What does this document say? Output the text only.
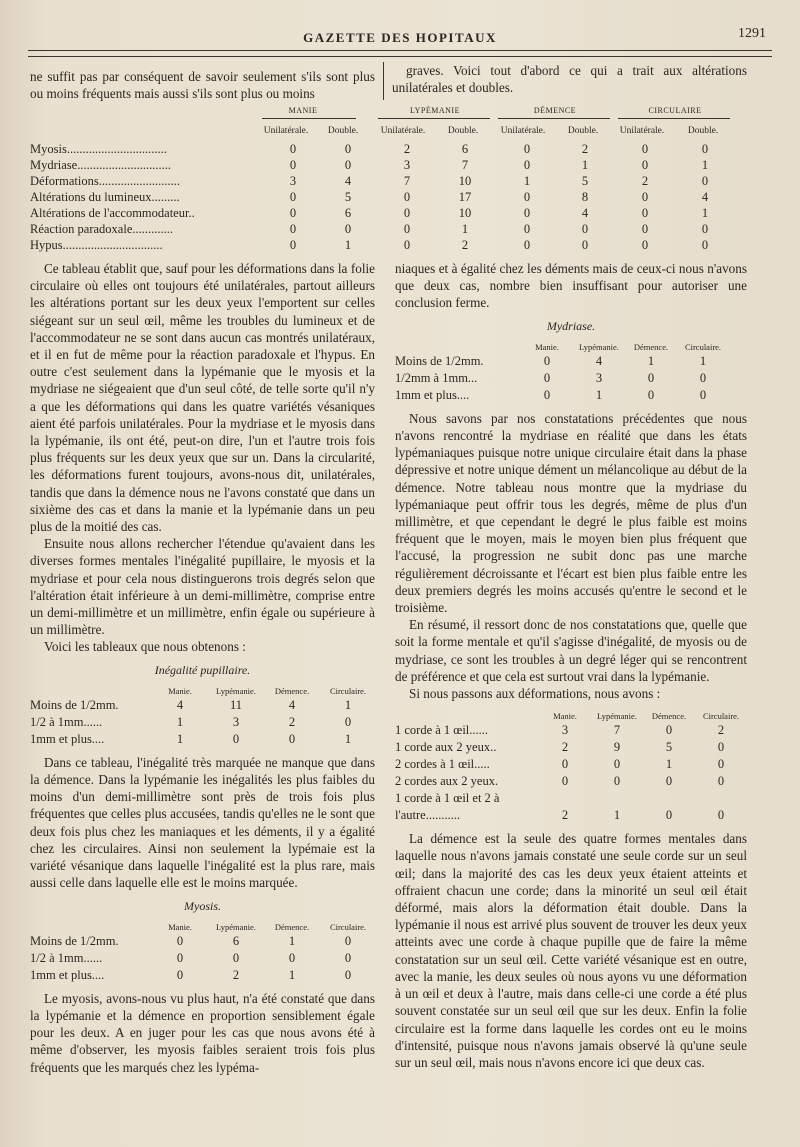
GAZETTE DES HOPITAUX	1291

ne suffit pas par conséquent de savoir seulement s'ils sont plus ou moins fréquents mais aussi s'ils sont plus ou moins

graves. Voici tout d'abord ce qui a trait aux altérations unilatérales et doubles.

MANIE	LYPÉMANIE	DÉMENCE	CIRCULAIRE
Unilatérale.	Double.	Unilatérale.	Double.	Unilatérale.	Double.	Unilatérale.	Double.
Myosis................................	0	0	2	6	0	2	0	0
Mydriase..............................	0	0	3	7	0	1	0	1
Déformations..........................	3	4	7	10	1	5	2	0
Altérations du lumineux.........	0	5	0	17	0	8	0	4
Altérations de l'accommodateur..	0	6	0	10	0	4	0	1
Réaction paradoxale.............	0	0	0	1	0	0	0	0
Hypus................................	0	1	0	2	0	0	0	0

Ce tableau établit que, sauf pour les déformations dans la folie circulaire où elles ont toujours été unilatérales, partout ailleurs les altérations portant sur les deux yeux l'emportent sur celles siégeant sur un seul œil, même les troubles du lumineux et de l'accommodateur ne se sont dans aucun cas montrés unilatéraux, et il en fut de même pour la réaction paradoxale et l'hypus. En outre c'est seulement dans la lypémanie que le myosis et la mydriase ne siégeaient que d'un seul côté, de telle sorte qu'il n'y a que les déformations qui dans les quatre variétés vésaniques aient été parfois unilatérales. Pour la mydriase et le myosis dans la lypémanie, ils ont été, peut-on dire, l'un et l'autre trois fois plus fréquents sur les deux yeux que sur un. Dans la circularité, les déformations furent toujours, avons-nous dit, unilatérales, tandis que dans la démence nous ne l'avons constaté que dans un sixième des cas et dans la manie et la lypémanie dans un peu plus de la moitié des cas.

Ensuite nous allons rechercher l'étendue qu'avaient dans les diverses formes mentales l'inégalité pupillaire, le myosis et la mydriase et pour cela nous distinguerons trois degrés selon que l'altération était inférieure à un demi-millimètre, comprise entre un demi-millimètre et un millimètre, enfin égale ou supérieure à un millimètre.

Voici les tableaux que nous obtenons :

Inégalité pupillaire.
Manie.	Lypémanie.	Démence.	Circulaire.
Moins de 1/2mm.	4	11	4	1
1/2 à 1mm......	1	3	2	0
1mm et plus....	1	0	0	1

Dans ce tableau, l'inégalité très marquée ne manque que dans la démence. Dans la lypémanie les inégalités les plus faibles du moins d'un demi-millimètre sont près de trois fois plus fréquentes que celles plus accusées, tandis qu'elles ne le sont que deux fois plus chez les maniaques et les déments, il y a égalité chez les circulaires. Ainsi non seulement la lypémaie est la variété vésanique dans laquelle l'inégalité est la plus rare, mais aussi celle dans laquelle elle est le moins marquée.

Myosis.
Manie.	Lypémanie.	Démence.	Circulaire.
Moins de 1/2mm.	0	6	1	0
1/2 à 1mm......	0	0	0	0
1mm et plus....	0	2	1	0

Le myosis, avons-nous vu plus haut, n'a été constaté que dans la lypémanie et la démence en proportion sensiblement égale pour les deux. A en juger pour les cas que nous avons été à même d'observer, les myosis faibles seraient trois fois plus fréquents que les marqués chez les lypéma-

niaques et à égalité chez les déments mais de ceux-ci nous n'avons que deux cas, nombre bien insuffisant pour autoriser une conclusion ferme.

Mydriase.
Manie.	Lypémanie.	Démence.	Circulaire.
Moins de 1/2mm.	0	4	1	1
1/2mm à 1mm...	0	3	0	0
1mm et plus....	0	1	0	0

Nous savons par nos constatations précédentes que nous n'avons rencontré la mydriase en réalité que dans les états lypémaniaques puisque notre unique circulaire était dans la phase dépressive et notre unique dément un mélancolique au début de la démence. Notre tableau nous montre que la mydriase du lypémaniaque peut offrir tous les degrés, même de plus d'un millimètre, et que cependant le degré le plus faible est moins fréquent que le moyen, mais le moyen bien plus fréquent que l'accusé, la progression ne subit donc pas une marche régulièrement décroissante et l'écart est bien plus faible entre les deux premiers degrés les moins accusés qu'entre le second et le troisième.

En résumé, il ressort donc de nos constatations que, quelle que soit la forme mentale et qu'il s'agisse d'inégalité, de myosis ou de mydriase, ce sont les troubles à un degré léger qui se rencontrent de préférence et que cela est surtout vrai dans la lypémanie.

Si nous passons aux déformations, nous avons :

Manie.	Lypémanie.	Démence.	Circulaire.
1 corde à 1 œil......	3	7	0	2
1 corde aux 2 yeux..	2	9	5	0
2 cordes à 1 œil.....	0	0	1	0
2 cordes aux 2 yeux.	0	0	0	0
1 corde à 1 œil et 2 à
l'autre...........	2	1	0	0

La démence est la seule des quatre formes mentales dans laquelle nous n'avons jamais constaté une seule corde sur un seul œil; dans la majorité des cas les deux yeux étaient atteints et offraient chacun une corde; dans la minorité un seul œil était déformé, mais alors la déformation était double. Dans la lypémanie il nous est arrivé plus souvent de trouver les deux yeux atteints avec une corde à chaque pupille que de faire la même constatation sur un seul œil. Cette variété vésanique est en outre, avec la manie, les deux seules où nous ayons vu une déformation à un œil et deux à l'autre, mais dans celle-ci une corde a été plus souvent constatée sur un seul œil que sur les deux. Enfin la folie circulaire est la forme dans laquelle les cordes ont eu le moins d'intensité, puisque nous n'avons jamais observé là qu'une seule sur un seul œil, mais nous n'avons encore ici que deux cas.
